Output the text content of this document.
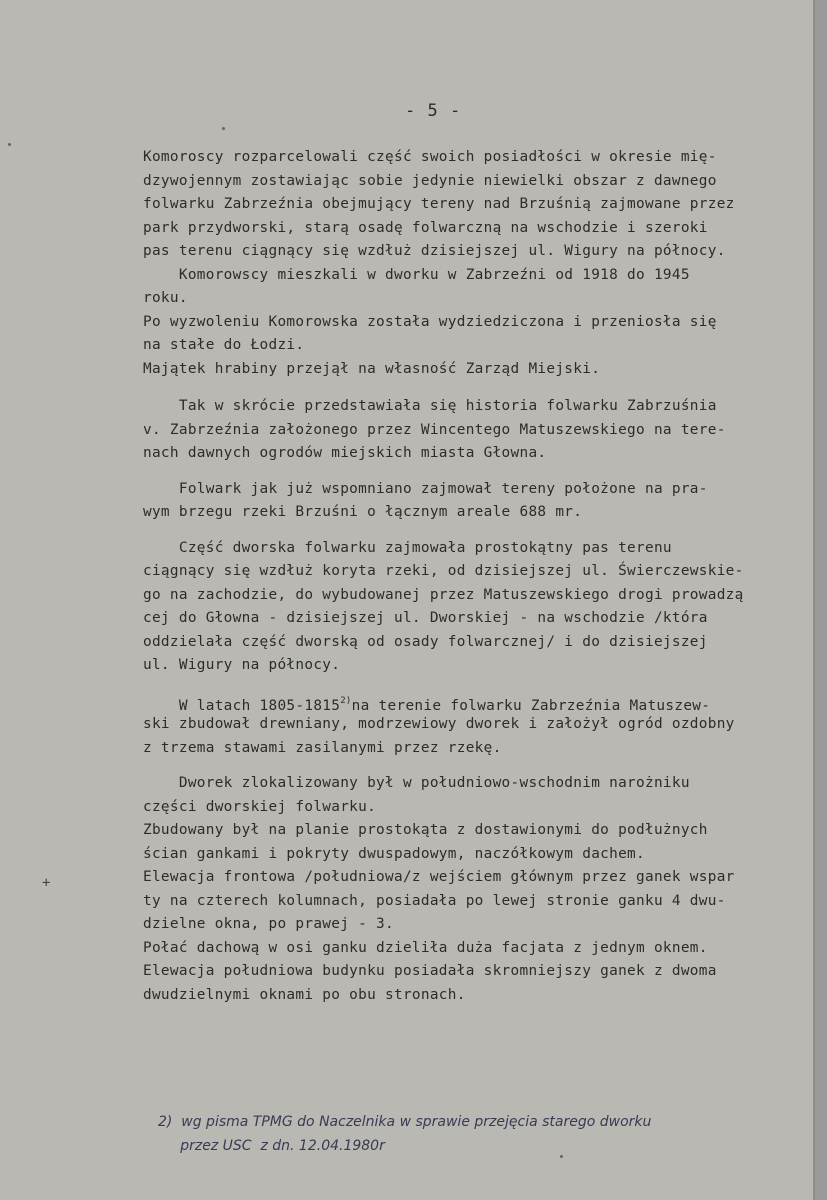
- 5 -
Komoroscy rozparcelowali część swoich posiadłości w okresie mię-
dzywojennym zostawiając sobie jedynie niewielki obszar z dawnego
folwarku Zabrzeźnia obejmujący tereny nad Brzuśnią zajmowane przez
park przydworski, starą osadę folwarczną na wschodzie i szeroki
pas terenu ciągnący się wzdłuż dzisiejszej ul. Wigury na północy.
Komorowscy mieszkali w dworku w Zabrzeźni od 1918 do 1945
roku.
Po wyzwoleniu Komorowska została wydziedziczona i przeniosła się
na stałe do Łodzi.
Majątek hrabiny przejął na własność Zarząd Miejski.
Tak w skrócie przedstawiała się historia folwarku Zabrzuśnia
v. Zabrzeźnia założonego przez Wincentego Matuszewskiego na tere-
nach dawnych ogrodów miejskich miasta Głowna.
Folwark jak już wspomniano zajmował tereny położone na pra-
wym brzegu rzeki Brzuśni o łącznym areale 688 mr.
Część dworska folwarku zajmowała prostokątny pas terenu
ciągnący się wzdłuż koryta rzeki, od dzisiejszej ul. Świerczewskie-
go na zachodzie, do wybudowanej przez Matuszewskiego drogi prowadzą
cej do Głowna - dzisiejszej ul. Dworskiej - na wschodzie /która
oddzielała część dworską od osady folwarcznej/ i do dzisiejszej
ul. Wigury na północy.
W latach 1805-1815$^{2)}$na terenie folwarku Zabrzeźnia Matuszew-
ski zbudował drewniany, modrzewiowy dworek i założył ogród ozdobny
z trzema stawami zasilanymi przez rzekę.
Dworek zlokalizowany był w południowo-wschodnim narożniku
części dworskiej folwarku.
Zbudowany był na planie prostokąta z dostawionymi do podłużnych
ścian gankami i pokryty dwuspadowym, naczółkowym dachem.
Elewacja frontowa /południowa/z wejściem głównym przez ganek wspar
ty na czterech kolumnach, posiadała po lewej stronie ganku 4 dwu-
dzielne okna, po prawej - 3.
Połać dachową w osi ganku dzieliła duża facjata z jednym oknem.
Elewacja południowa budynku posiadała skromniejszy ganek z dwoma
dwudzielnymi oknami po obu stronach.
2)  wg pisma TPMG do Naczelnika w sprawie przejęcia starego dworku
przez USC  z dn. 12.04.1980r
+
